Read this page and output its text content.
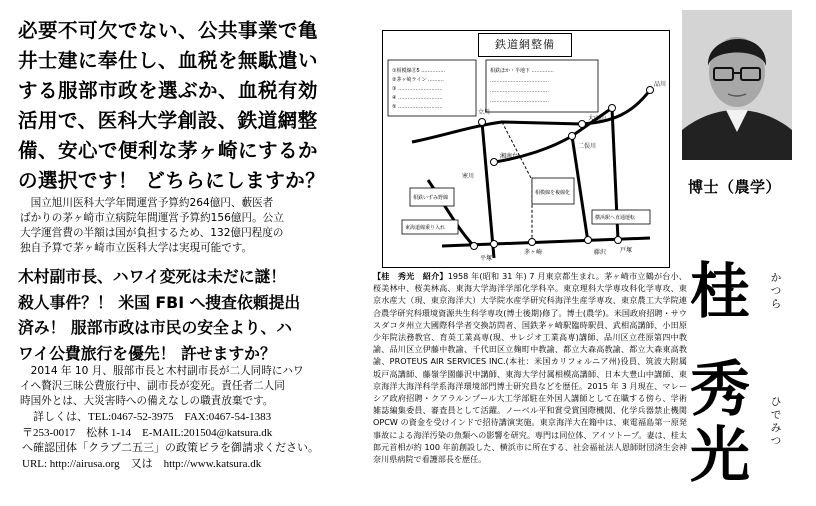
必要不可欠でない、公共事業で亀
井士建に奉仕し、血税を無駄遣い
する服部市政を選ぶか、血税有効
活用で、医科大学創設、鉄道網整
備、安心で便利な茅ヶ崎にするか
の選択です！ どちらにしますか？
国立旭川医科大学年間運営予算約264億円、藪医者
ばかりの茅ヶ崎市立病院年間運営予算約156億円。公立
大学運営費の半額は国が負担するため、132億円程度の
独自予算で茅ヶ崎市立医科大学は実現可能です。
木村副市長、ハワイ変死は未だに謎！
殺人事件？！ 米国 FBI へ捜査依頼提出
済み！ 服部市政は市民の安全より、ハ
ワイ公費旅行を優先！ 許せますか？
2014 年 10 月、服部市長と木村副市長が二人同時にハワ
イへ贅沢三昧公費旅行中、副市長が変死。責任者二人同
時国外とは、大災害時への備えなしの職責放棄です。
詳しくは、TEL:0467-52-3975　FAX:0467-54-1383
〒253-0017　松林 1-14　E-MAIL:201504@katsura.dk
へ確認団体「クラブ二五三」の政策ビラを御請求ください。
URL: http://airusa.org　又は　http://www.katsura.dk
①相模線㊐5 ...............
②茅ヶ崎ライン ..........
③ ............................
④ ............................
⑤ ............................
相鉄ほか・半地下 ..............
.....................................
.....................................
.....................................
相鉄いずみ野線
相模線を複線化
東海道線乗り入れ
横浜駅へ直通運転
大山山
立川
二俣川
湘南台
藤沢
茅ヶ崎
平塚
戸塚
寒川
品川
鉄道網整備
【桂　秀光　紹介】1958 年(昭和 31 年) 7 月東京都生まれ。茅ヶ崎市立鶴が台小、桜美林中、桜美林高、東海大学海洋学部化学科卒。東京理科大学専攻科化学専攻、東京水産大（現、東京海洋大）大学院水産学研究科海洋生産学専攻、東京農工大学院連合農学研究科環境資源共生科学専攻(博士後期)修了。博士(農学)。米国政府招聘・サウスダコタ州立大國際科学者交換訪問者、国鉄茅ヶ崎駅臨時駅員、武相高講師、小田原少年院法務教官、育英工業高専(現、サレジオ工業高専)講師、品川区立荏原第四中教諭、品川区立伊藤中教諭、千代田区立麹町中教諭、都立大森高教諭、都立大森東高教諭、PROTEUS AIR SERVICES INC.(本社：米国カリフォルニア州)役員、筑波大附属坂戸高講師、藤嶺学園藤沢中講師、東海大学付属相模高講師、日本大豊山中講師、東京海洋大海洋科学系海洋環境部門博士研究員などを歴任。2015 年 3 月現在、マレーシア政府招聘・クアラルンプール大工学部駐在外国人講師として在職する傍ら、学術雑誌編集委員、審査員として活躍。ノーベル平和賞受賞国際機関、化学兵器禁止機関 OPCW の資金を受けインドで招待講演実施。東京海洋大在籍中は、東電福島第一原発事故による海洋汚染の魚類への影響を研究。専門は同位体、アイソトープ。妻は、桂太郎元首相が約 100 年前創設した、横浜市に所在する、社会福祉法人恩師財団済生会神奈川県病院で看護部長を歴任。
博士（農学）
桂
秀
光
かつら
ひでみつ
